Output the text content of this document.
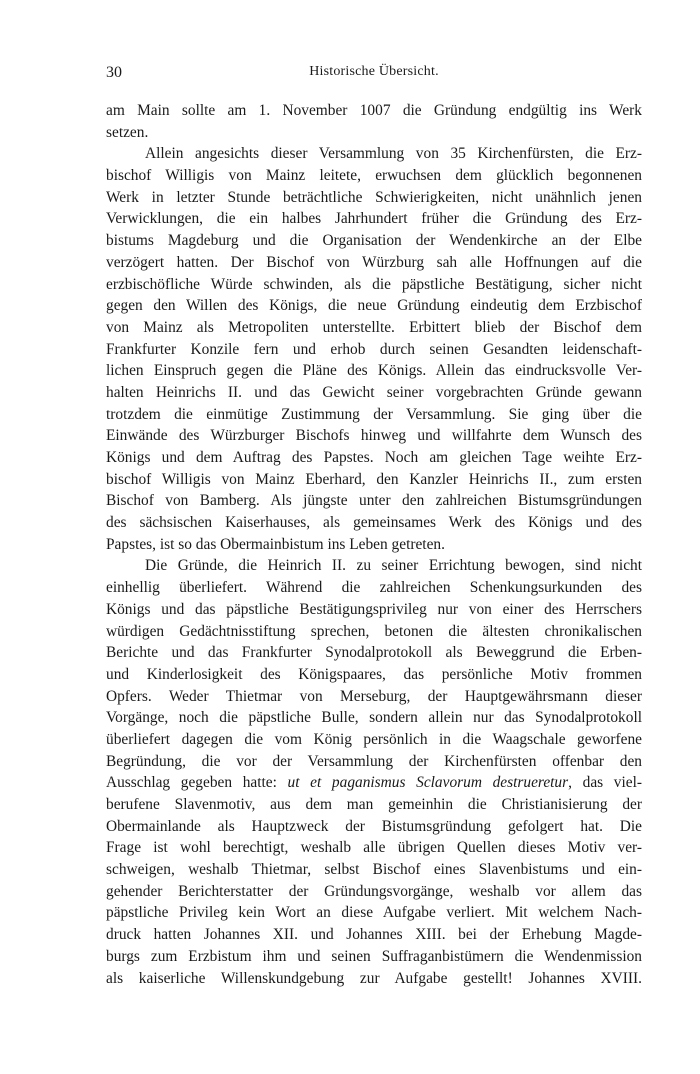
30	Historische Übersicht.
am Main sollte am 1. November 1007 die Gründung endgültig ins Werk
setzen.
Allein angesichts dieser Versammlung von 35 Kirchenfürsten, die Erz-
bischof Willigis von Mainz leitete, erwuchsen dem glücklich begonnenen
Werk in letzter Stunde beträchtliche Schwierigkeiten, nicht unähnlich jenen
Verwicklungen, die ein halbes Jahrhundert früher die Gründung des Erz-
bistums Magdeburg und die Organisation der Wendenkirche an der Elbe
verzögert hatten. Der Bischof von Würzburg sah alle Hoffnungen auf die
erzbischöfliche Würde schwinden, als die päpstliche Bestätigung, sicher nicht
gegen den Willen des Königs, die neue Gründung eindeutig dem Erzbischof
von Mainz als Metropoliten unterstellte. Erbittert blieb der Bischof dem
Frankfurter Konzile fern und erhob durch seinen Gesandten leidenschaft-
lichen Einspruch gegen die Pläne des Königs. Allein das eindrucksvolle Ver-
halten Heinrichs II. und das Gewicht seiner vorgebrachten Gründe gewann
trotzdem die einmütige Zustimmung der Versammlung. Sie ging über die
Einwände des Würzburger Bischofs hinweg und willfahrte dem Wunsch des
Königs und dem Auftrag des Papstes. Noch am gleichen Tage weihte Erz-
bischof Willigis von Mainz Eberhard, den Kanzler Heinrichs II., zum ersten
Bischof von Bamberg. Als jüngste unter den zahlreichen Bistumsgründungen
des sächsischen Kaiserhauses, als gemeinsames Werk des Königs und des
Papstes, ist so das Obermainbistum ins Leben getreten.
Die Gründe, die Heinrich II. zu seiner Errichtung bewogen, sind nicht
einhellig überliefert. Während die zahlreichen Schenkungsurkunden des
Königs und das päpstliche Bestätigungsprivileg nur von einer des Herrschers
würdigen Gedächtnisstiftung sprechen, betonen die ältesten chronikalischen
Berichte und das Frankfurter Synodalprotokoll als Beweggrund die Erben-
und Kinderlosigkeit des Königspaares, das persönliche Motiv frommen
Opfers. Weder Thietmar von Merseburg, der Hauptgewährsmann dieser
Vorgänge, noch die päpstliche Bulle, sondern allein nur das Synodalprotokoll
überliefert dagegen die vom König persönlich in die Waagschale geworfene
Begründung, die vor der Versammlung der Kirchenfürsten offenbar den
Ausschlag gegeben hatte: ut et paganismus Sclavorum destrueretur, das viel-
berufene Slavenmotiv, aus dem man gemeinhin die Christianisierung der
Obermainlande als Hauptzweck der Bistumsgründung gefolgert hat. Die
Frage ist wohl berechtigt, weshalb alle übrigen Quellen dieses Motiv ver-
schweigen, weshalb Thietmar, selbst Bischof eines Slavenbistums und ein-
gehender Berichterstatter der Gründungsvorgänge, weshalb vor allem das
päpstliche Privileg kein Wort an diese Aufgabe verliert. Mit welchem Nach-
druck hatten Johannes XII. und Johannes XIII. bei der Erhebung Magde-
burgs zum Erzbistum ihm und seinen Suffraganbistümern die Wendenmission
als kaiserliche Willenskundgebung zur Aufgabe gestellt! Johannes XVIII.
